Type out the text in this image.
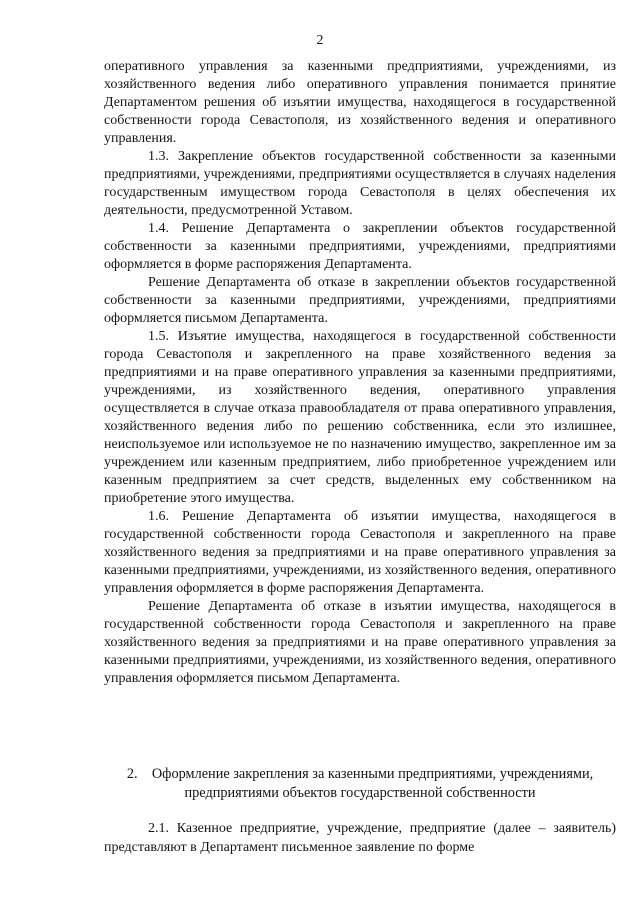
2

оперативного управления за казенными предприятиями, учреждениями, из хозяйственного ведения либо оперативного управления понимается принятие Департаментом решения об изъятии имущества, находящегося в государственной собственности города Севастополя, из хозяйственного ведения и оперативного управления.

1.3. Закрепление объектов государственной собственности за казенными предприятиями, учреждениями, предприятиями осуществляется в случаях наделения государственным имуществом города Севастополя в целях обеспечения их деятельности, предусмотренной Уставом.

1.4. Решение Департамента о закреплении объектов государственной собственности за казенными предприятиями, учреждениями, предприятиями оформляется в форме распоряжения Департамента.

Решение Департамента об отказе в закреплении объектов государственной собственности за казенными предприятиями, учреждениями, предприятиями оформляется письмом Департамента.

1.5. Изъятие имущества, находящегося в государственной собственности города Севастополя и закрепленного на праве хозяйственного ведения за предприятиями и на праве оперативного управления за казенными предприятиями, учреждениями, из хозяйственного ведения, оперативного управления осуществляется в случае отказа правообладателя от права оперативного управления, хозяйственного ведения либо по решению собственника, если это излишнее, неиспользуемое или используемое не по назначению имущество, закрепленное им за учреждением или казенным предприятием, либо приобретенное учреждением или казенным предприятием за счет средств, выделенных ему собственником на приобретение этого имущества.

1.6. Решение Департамента об изъятии имущества, находящегося в государственной собственности города Севастополя и закрепленного на праве хозяйственного ведения за предприятиями и на праве оперативного управления за казенными предприятиями, учреждениями, из хозяйственного ведения, оперативного управления оформляется в форме распоряжения Департамента.

Решение Департамента об отказе в изъятии имущества, находящегося в государственной собственности города Севастополя и закрепленного на праве хозяйственного ведения за предприятиями и на праве оперативного управления за казенными предприятиями, учреждениями, из хозяйственного ведения, оперативного управления оформляется письмом Департамента.

2. Оформление закрепления за казенными предприятиями, учреждениями,
предприятиями объектов государственной собственности

2.1. Казенное предприятие, учреждение, предприятие (далее – заявитель) представляют в Департамент письменное заявление по форме
